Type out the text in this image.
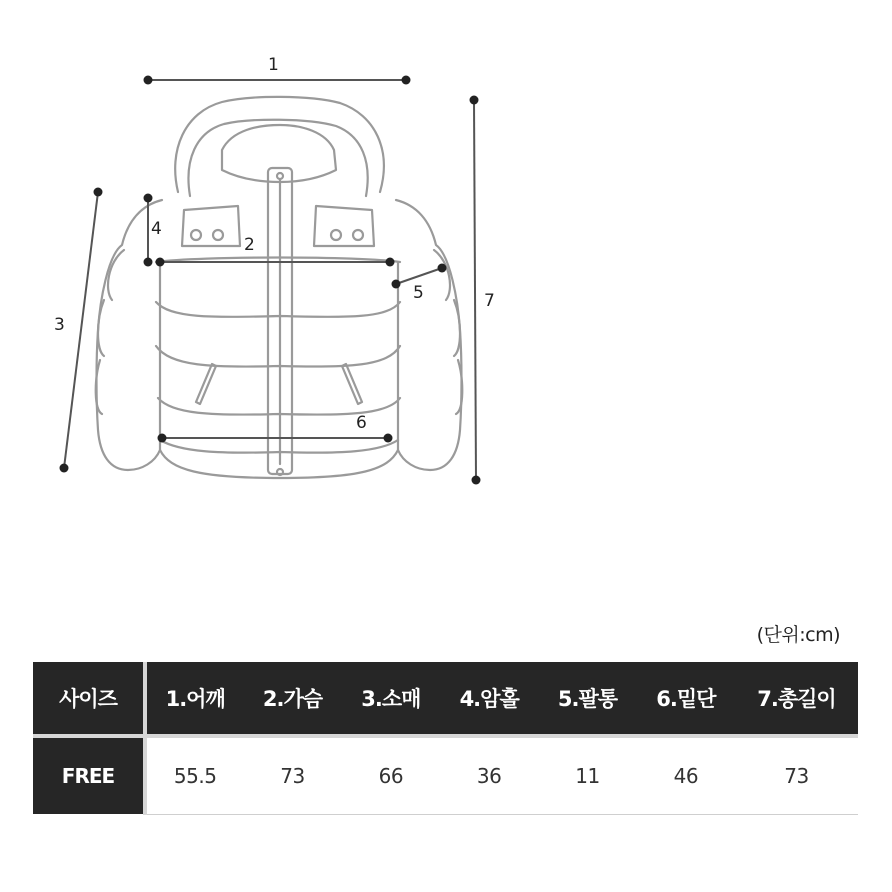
1
2
3
4
5
6
7
(단위:cm)
사이즈	1.어깨	2.가슴	3.소매	4.암홀	5.팔통	6.밑단	7.총길이
FREE	55.5	73	66	36	11	46	73
